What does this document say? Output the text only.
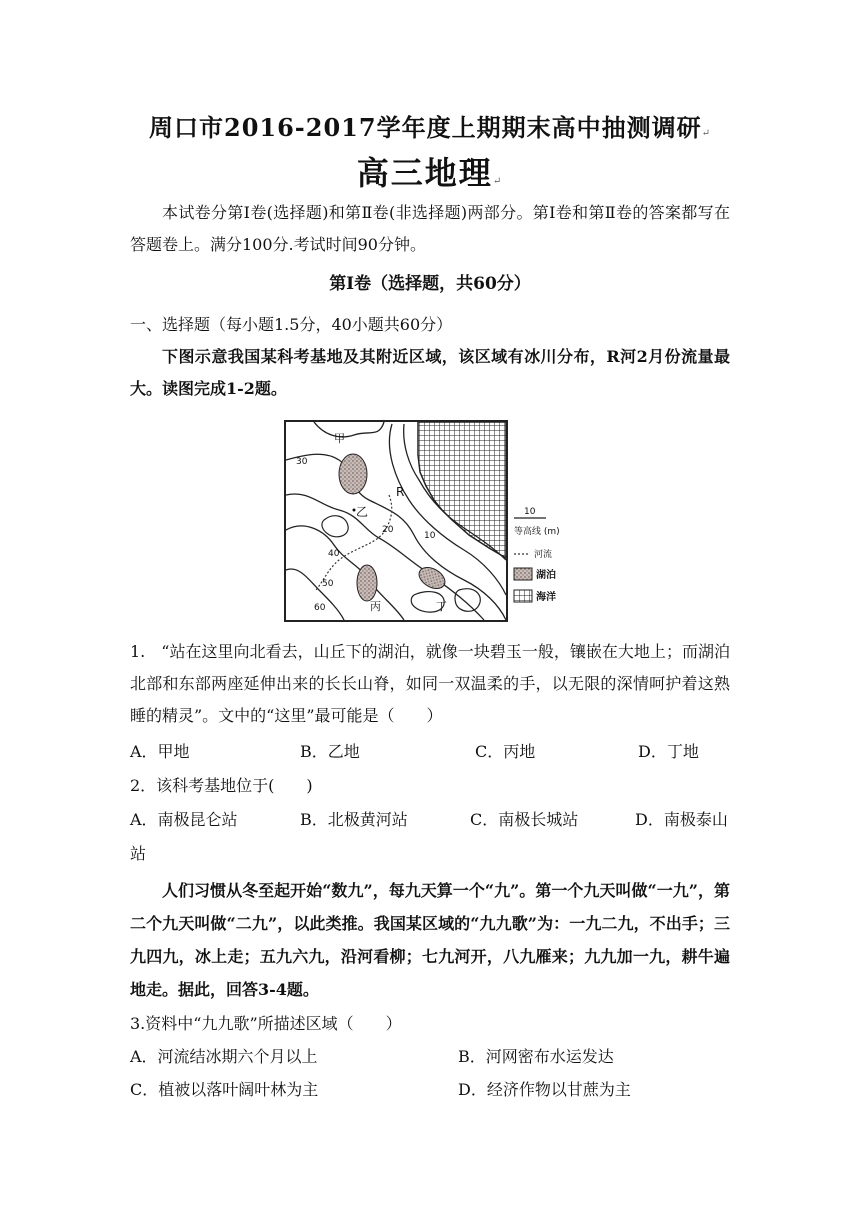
周口市2016-2017学年度上期期末高中抽测调研↵
高三地理↵
本试卷分第Ⅰ卷(选择题)和第Ⅱ卷(非选择题)两部分。第Ⅰ卷和第Ⅱ卷的答案都写在答题卷上。满分100分.考试时间90分钟。
第Ⅰ卷（选择题，共60分）
一、选择题（每小题1.5分，40小题共60分）
下图示意我国某科考基地及其附近区域，该区域有冰川分布，R河2月份流量最大。读图完成1-2题。
甲
乙
丙	丁
R
30
20
10
40
50
60
10
等高线 (m)
河流
湖泊
海洋
1.　“站在这里向北看去，山丘下的湖泊，就像一块碧玉一般，镶嵌在大地上；而湖泊北部和东部两座延伸出来的长长山脊，如同一双温柔的手，以无限的深情呵护着这熟睡的精灵”。文中的“这里”最可能是（　　）
A．甲地	B．乙地	C．丙地	D．丁地
2．该科考基地位于(　　)
A．南极昆仑站	B．北极黄河站	C．南极长城站	D．南极泰山
站
人们习惯从冬至起开始“数九”，每九天算一个“九”。第一个九天叫做“一九”，第二个九天叫做“二九”，以此类推。我国某区域的“九九歌”为：一九二九，不出手；三九四九，冰上走；五九六九，沿河看柳；七九河开，八九雁来；九九加一九，耕牛遍地走。据此，回答3-4题。
3.资料中“九九歌”所描述区域（　　）
A．河流结冰期六个月以上	B．河网密布水运发达
C．植被以落叶阔叶林为主	D．经济作物以甘蔗为主
